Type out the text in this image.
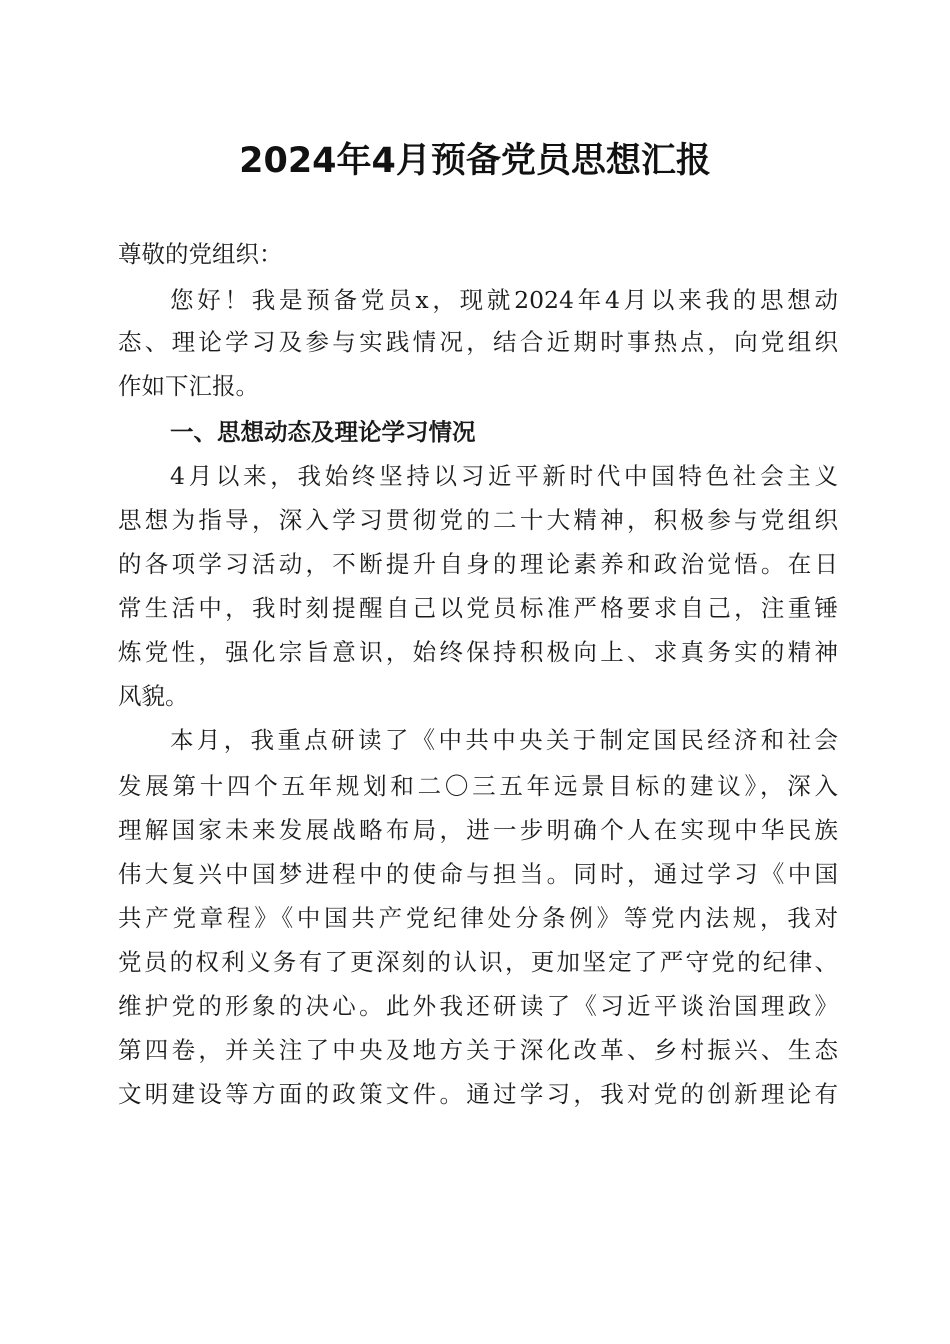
2024年4月预备党员思想汇报
尊敬的党组织：
您好！我是预备党员x，现就2024年4月以来我的思想动
态、理论学习及参与实践情况，结合近期时事热点，向党组织
作如下汇报。
一、思想动态及理论学习情况
4月以来，我始终坚持以习近平新时代中国特色社会主义
思想为指导，深入学习贯彻党的二十大精神，积极参与党组织
的各项学习活动，不断提升自身的理论素养和政治觉悟。在日
常生活中，我时刻提醒自己以党员标准严格要求自己，注重锤
炼党性，强化宗旨意识，始终保持积极向上、求真务实的精神
风貌。
本月，我重点研读了《中共中央关于制定国民经济和社会
发展第十四个五年规划和二〇三五年远景目标的建议》，深入
理解国家未来发展战略布局，进一步明确个人在实现中华民族
伟大复兴中国梦进程中的使命与担当。同时，通过学习《中国
共产党章程》《中国共产党纪律处分条例》等党内法规，我对
党员的权利义务有了更深刻的认识，更加坚定了严守党的纪律、
维护党的形象的决心。此外我还研读了《习近平谈治国理政》
第四卷，并关注了中央及地方关于深化改革、乡村振兴、生态
文明建设等方面的政策文件。通过学习，我对党的创新理论有
